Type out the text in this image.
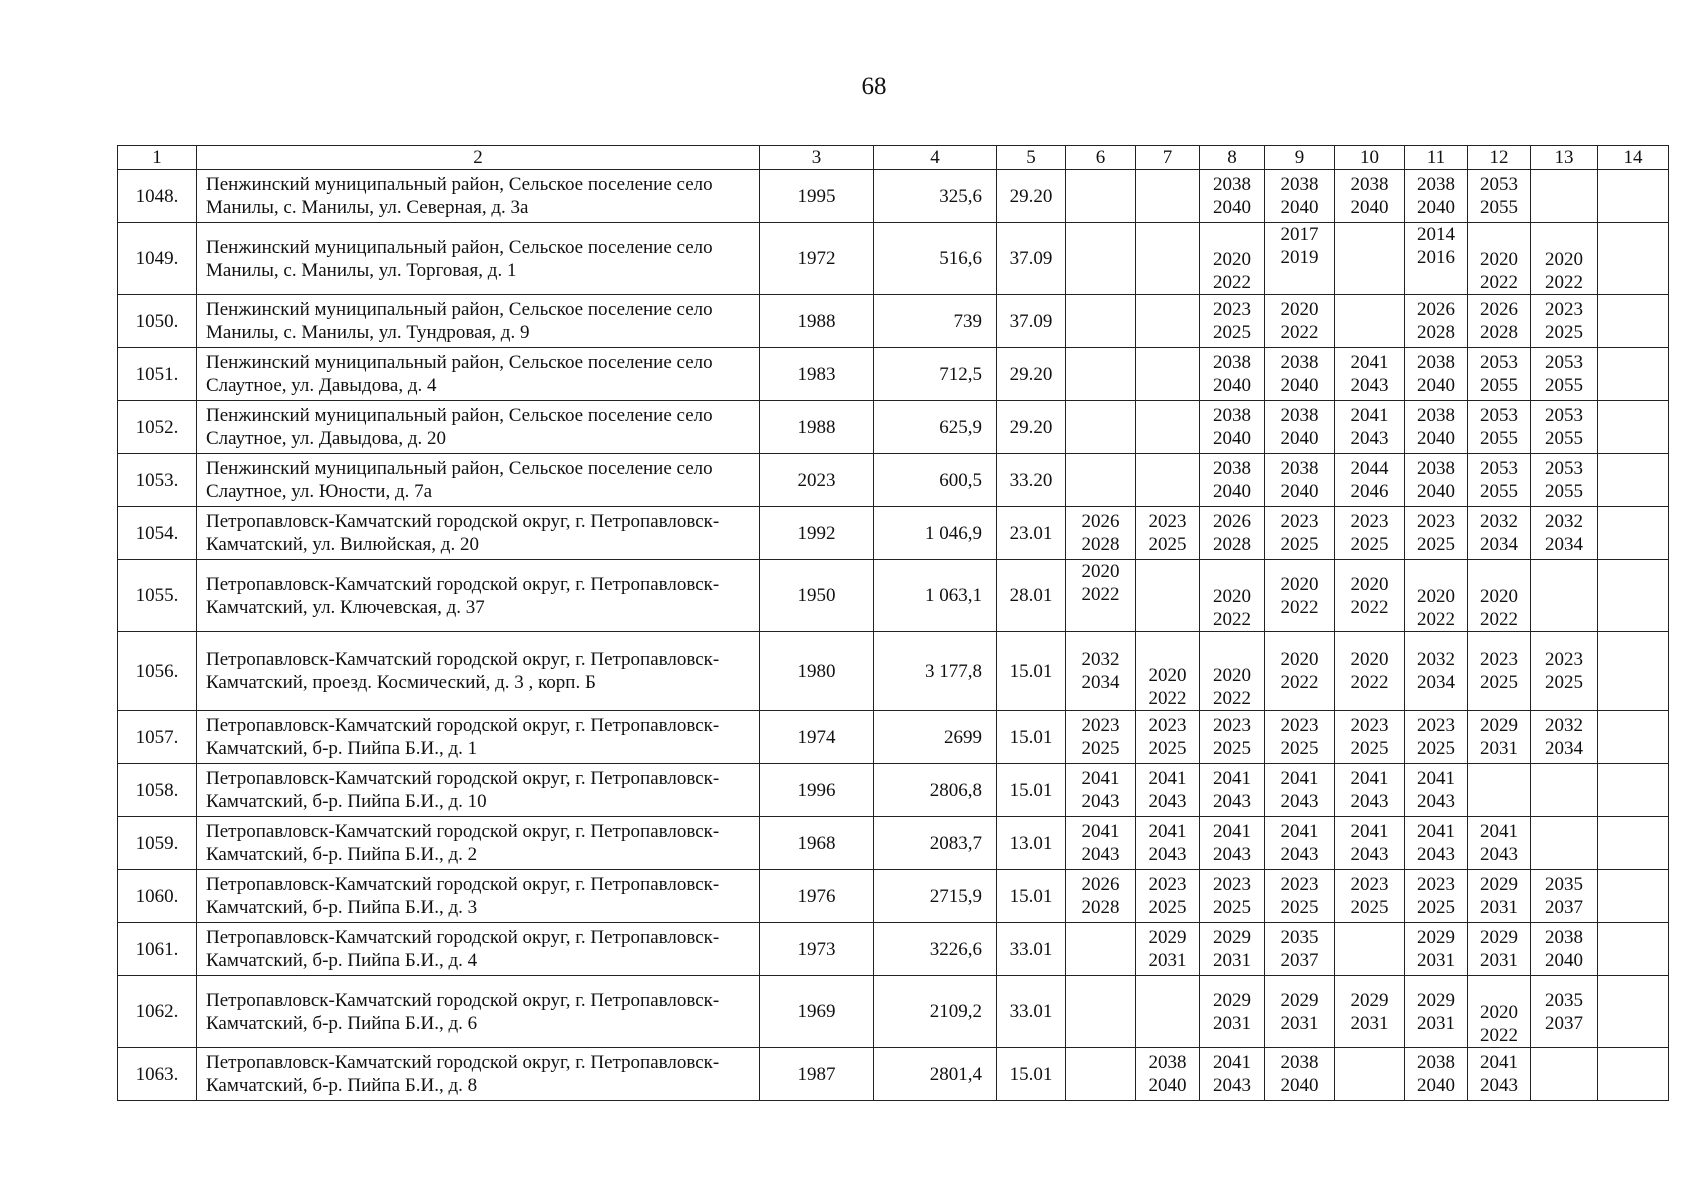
68
1	2	3	4	5	6	7	8	9	10	11	12	13	14
1048.	Пенжинский муниципальный район, Сельское поселение село Манилы, с. Манилы, ул. Северная, д. 3а	1995	325,6	29.20			2038
2040	2038
2040	2038
2040	2038
2040	2053
2055		

1049.	Пенжинский муниципальный район, Сельское поселение село Манилы, с. Манилы, ул. Торговая, д. 1	1972	516,6	37.09			2020
2022	2017
2019		2014
2016	2020
2022	2020
2022	

1050.	Пенжинский муниципальный район, Сельское поселение село Манилы, с. Манилы, ул. Тундровая, д. 9	1988	739	37.09			2023
2025	2020
2022		2026
2028	2026
2028	2023
2025	

1051.	Пенжинский муниципальный район, Сельское поселение село Слаутное, ул. Давыдова, д. 4	1983	712,5	29.20			2038
2040	2038
2040	2041
2043	2038
2040	2053
2055	2053
2055	

1052.	Пенжинский муниципальный район, Сельское поселение село Слаутное, ул. Давыдова, д. 20	1988	625,9	29.20			2038
2040	2038
2040	2041
2043	2038
2040	2053
2055	2053
2055	

1053.	Пенжинский муниципальный район, Сельское поселение село Слаутное, ул. Юности, д. 7а	2023	600,5	33.20			2038
2040	2038
2040	2044
2046	2038
2040	2053
2055	2053
2055	

1054.	Петропавловск-Камчатский городской округ, г. Петропавловск-Камчатский, ул. Вилюйская, д. 20	1992	1 046,9	23.01	2026
2028	2023
2025	2026
2028	2023
2025	2023
2025	2023
2025	2032
2034	2032
2034	

1055.	Петропавловск-Камчатский городской округ, г. Петропавловск-Камчатский, ул. Ключевская, д. 37	1950	1 063,1	28.01	2020
2022		2020
2022	2020
2022	2020
2022	2020
2022	2020
2022		

1056.	Петропавловск-Камчатский городской округ, г. Петропавловск-Камчатский, проезд. Космический, д. 3 , корп. Б	1980	3 177,8	15.01	2032
2034	2020
2022	2020
2022	2020
2022	2020
2022	2032
2034	2023
2025	2023
2025	

1057.	Петропавловск-Камчатский городской округ, г. Петропавловск-Камчатский, б-р. Пийпа Б.И., д. 1	1974	2699	15.01	2023
2025	2023
2025	2023
2025	2023
2025	2023
2025	2023
2025	2029
2031	2032
2034	

1058.	Петропавловск-Камчатский городской округ, г. Петропавловск-Камчатский, б-р. Пийпа Б.И., д. 10	1996	2806,8	15.01	2041
2043	2041
2043	2041
2043	2041
2043	2041
2043	2041
2043			

1059.	Петропавловск-Камчатский городской округ, г. Петропавловск-Камчатский, б-р. Пийпа Б.И., д. 2	1968	2083,7	13.01	2041
2043	2041
2043	2041
2043	2041
2043	2041
2043	2041
2043	2041
2043		

1060.	Петропавловск-Камчатский городской округ, г. Петропавловск-Камчатский, б-р. Пийпа Б.И., д. 3	1976	2715,9	15.01	2026
2028	2023
2025	2023
2025	2023
2025	2023
2025	2023
2025	2029
2031	2035
2037	

1061.	Петропавловск-Камчатский городской округ, г. Петропавловск-Камчатский, б-р. Пийпа Б.И., д. 4	1973	3226,6	33.01		2029
2031	2029
2031	2035
2037		2029
2031	2029
2031	2038
2040	

1062.	Петропавловск-Камчатский городской округ, г. Петропавловск-Камчатский, б-р. Пийпа Б.И., д. 6	1969	2109,2	33.01			2029
2031	2029
2031	2029
2031	2029
2031	2020
2022	2035
2037	

1063.	Петропавловск-Камчатский городской округ, г. Петропавловск-Камчатский, б-р. Пийпа Б.И., д. 8	1987	2801,4	15.01		2038
2040	2041
2043	2038
2040		2038
2040	2041
2043		
